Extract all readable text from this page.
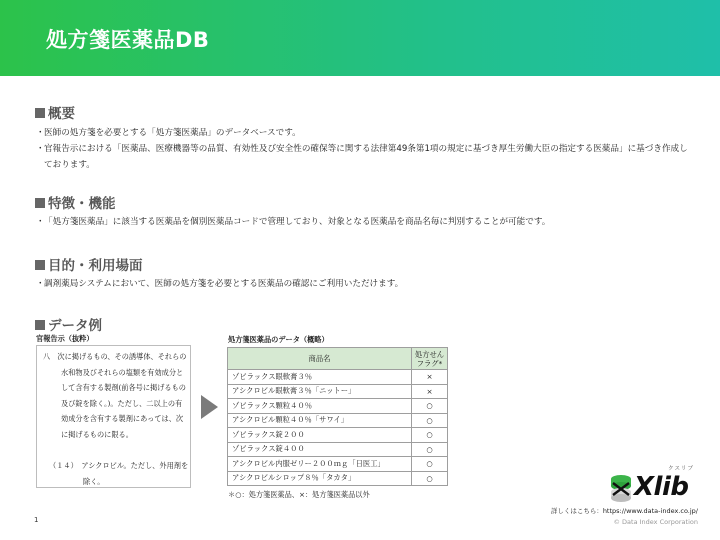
処方箋医薬品DB
概要
・ 医師の処方箋を必要とする「処方箋医薬品」のデータベースです。
・ 官報告示における「医薬品、医療機器等の品質、有効性及び安全性の確保等に関する法律第49条第1項の規定に基づき厚生労働大臣の指定する医薬品」に基づき作成しております。
特徴・機能
・ 「処方箋医薬品」に該当する医薬品を個別医薬品コードで管理しており、対象となる医薬品を商品名毎に判別することが可能です。
目的・利用場面
・ 調剤薬局システムにおいて、医師の処方箋を必要とする医薬品の確認にご利用いただけます。
データ例
官報告示（抜粋）
八　次に掲げるもの、その誘導体、それらの水和物及びそれらの塩類を有効成分として含有する製剤(前各号に掲げるもの及び錠を除く。)。ただし、二以上の有効成分を含有する製剤にあっては、次に掲げるものに限る。
（１４）　アシクロビル。ただし、外用剤を除く。
処方箋医薬品のデータ（概略）
商品名	処方せん
フラグ*
ゾビラックス眼軟膏３％	×
アシクロビル眼軟膏３％「ニットー」	×
ゾビラックス顆粒４０％	○
アシクロビル顆粒４０％「サワイ」	○
ゾビラックス錠２００	○
ゾビラックス錠４００	○
アシクロビル内服ゼリー２００ｍｇ「日医工」	○
アシクロビルシロップ８％「タカタ」	○
＊○：処方箋医薬品、×：処方箋医薬品以外
クスリブ
Xlib
詳しくはこちら：https://www.data-index.co.jp/
© Data Index Corporation
1
